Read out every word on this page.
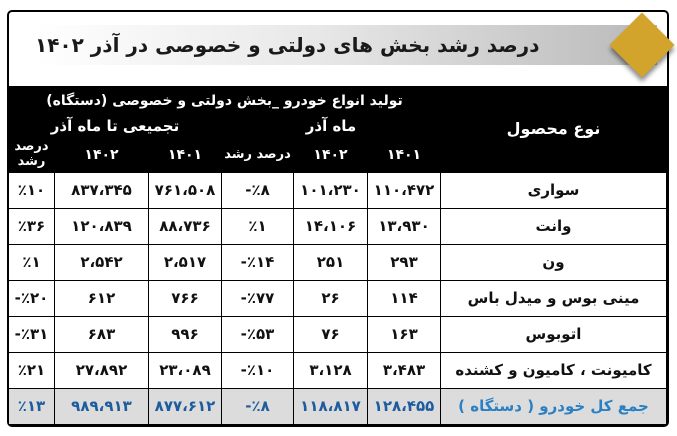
درصد رشد بخش های دولتی و خصوصی در آذر ۱۴۰۲
نوع محصول	تولید انواع خودرو _بخش دولتی و خصوصی (دستگاه)					
	ماه آذر			تجمیعی تا ماه آذر		
	۱۴۰۱	۱۴۰۲	درصد رشد	۱۴۰۱	۱۴۰۲	درصد رشد
سواری	۱۱۰،۴۷۲	۱۰۱،۲۳۰	-٪۸	۷۶۱،۵۰۸	۸۳۷،۳۴۵	٪۱۰
وانت	۱۳،۹۳۰	۱۴،۱۰۶	٪۱	۸۸،۷۳۶	۱۲۰،۸۳۹	٪۳۶
ون	۲۹۳	۲۵۱	-٪۱۴	۲،۵۱۷	۲،۵۴۲	٪۱
مینی بوس و میدل باس	۱۱۴	۲۶	-٪۷۷	۷۶۶	۶۱۲	-٪۲۰
اتوبوس	۱۶۳	۷۶	-٪۵۳	۹۹۶	۶۸۳	-٪۳۱
کامیونت ، کامیون و کشنده	۳،۴۸۳	۳،۱۲۸	-٪۱۰	۲۳،۰۸۹	۲۷،۸۹۲	٪۲۱
جمع کل خودرو ( دستگاه )	۱۲۸،۴۵۵	۱۱۸،۸۱۷	-٪۸	۸۷۷،۶۱۲	۹۸۹،۹۱۳	٪۱۳
